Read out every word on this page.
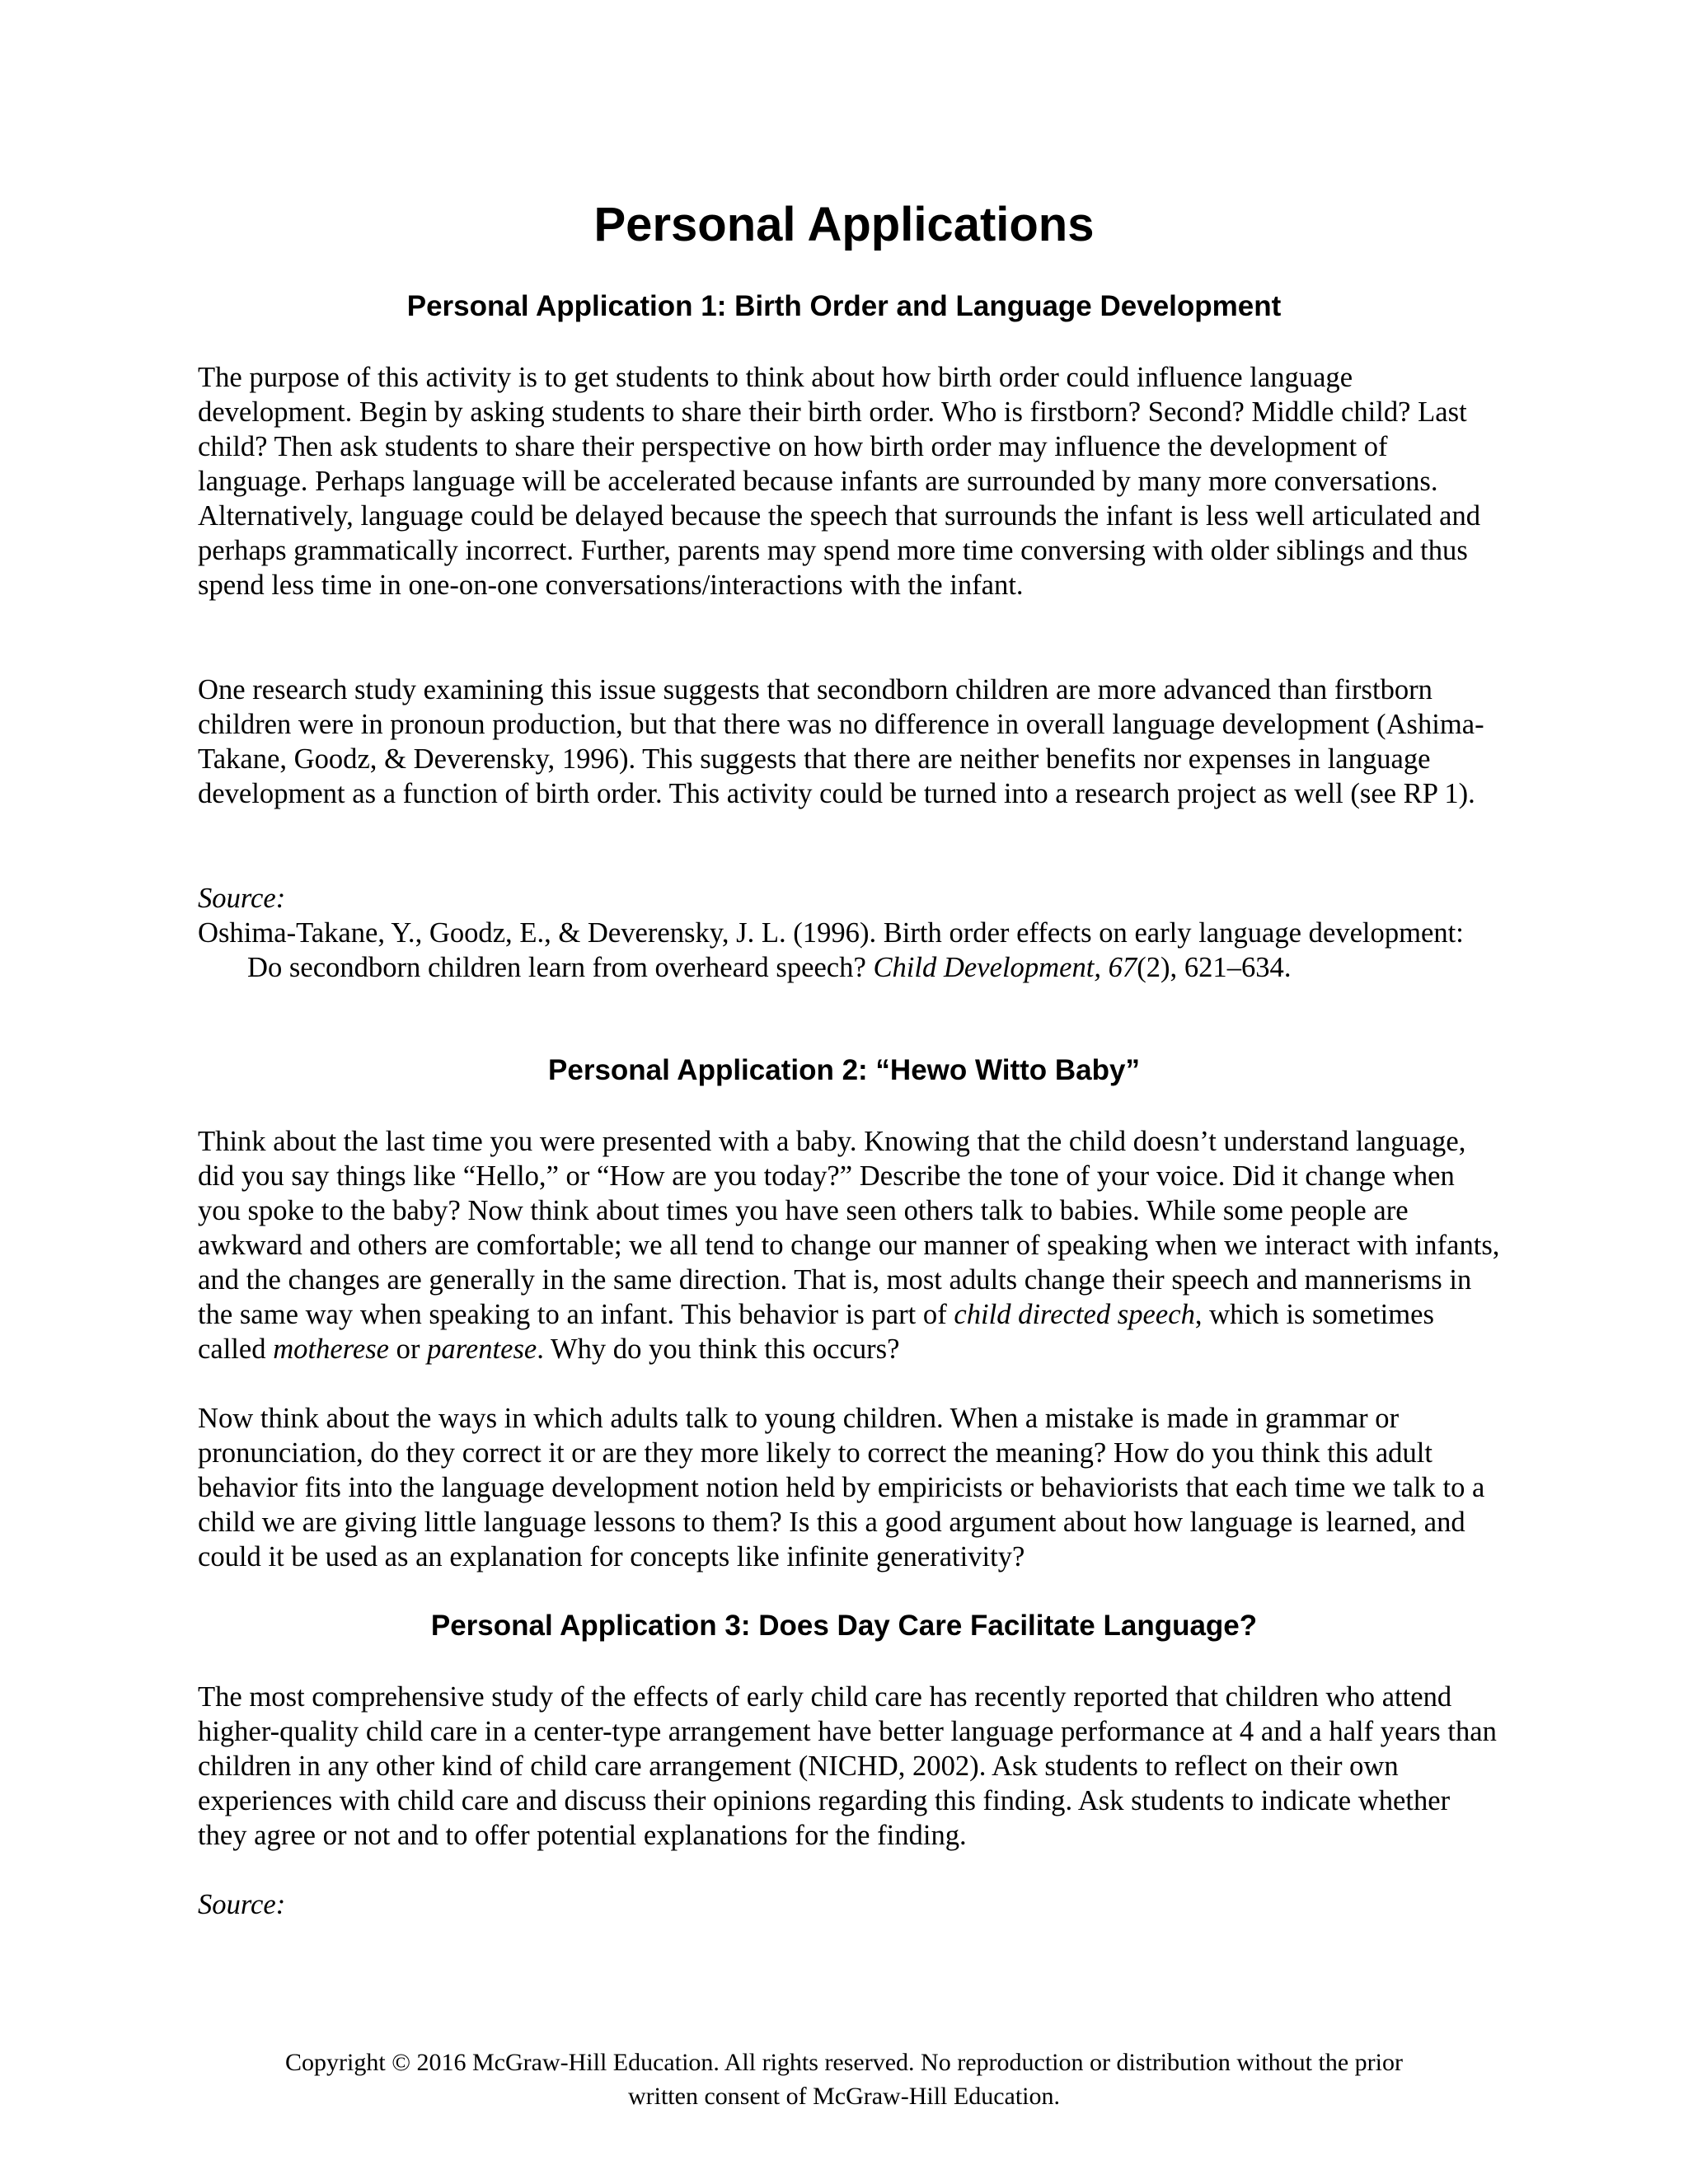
Personal Applications
Personal Application 1: Birth Order and Language Development

The purpose of this activity is to get students to think about how birth order could influence language development. Begin by asking students to share their birth order. Who is firstborn? Second? Middle child? Last child? Then ask students to share their perspective on how birth order may influence the development of language. Perhaps language will be accelerated because infants are surrounded by many more conversations. Alternatively, language could be delayed because the speech that surrounds the infant is less well articulated and perhaps grammatically incorrect. Further, parents may spend more time conversing with older siblings and thus spend less time in one-on-one conversations/interactions with the infant.

One research study examining this issue suggests that secondborn children are more advanced than firstborn children were in pronoun production, but that there was no difference in overall language development (Ashima-Takane, Goodz, & Deverensky, 1996). This suggests that there are neither benefits nor expenses in language development as a function of birth order. This activity could be turned into a research project as well (see RP 1).

Source:

Oshima-Takane, Y., Goodz, E., & Deverensky, J. L. (1996). Birth order effects on early language development: Do secondborn children learn from overheard speech? Child Development, 67(2), 621–634.

Personal Application 2: “Hewo Witto Baby”

Think about the last time you were presented with a baby. Knowing that the child doesn’t understand language, did you say things like “Hello,” or “How are you today?” Describe the tone of your voice. Did it change when you spoke to the baby? Now think about times you have seen others talk to babies. While some people are awkward and others are comfortable; we all tend to change our manner of speaking when we interact with infants, and the changes are generally in the same direction. That is, most adults change their speech and mannerisms in the same way when speaking to an infant. This behavior is part of child directed speech, which is sometimes called motherese or parentese. Why do you think this occurs?

Now think about the ways in which adults talk to young children. When a mistake is made in grammar or pronunciation, do they correct it or are they more likely to correct the meaning? How do you think this adult behavior fits into the language development notion held by empiricists or behaviorists that each time we talk to a child we are giving little language lessons to them? Is this a good argument about how language is learned, and could it be used as an explanation for concepts like infinite generativity?

Personal Application 3: Does Day Care Facilitate Language?

The most comprehensive study of the effects of early child care has recently reported that children who attend higher-quality child care in a center-type arrangement have better language performance at 4 and a half years than children in any other kind of child care arrangement (NICHD, 2002). Ask students to reflect on their own experiences with child care and discuss their opinions regarding this finding. Ask students to indicate whether they agree or not and to offer potential explanations for the finding.

Source:

Copyright © 2016 McGraw-Hill Education. All rights reserved. No reproduction or distribution without the prior
written consent of McGraw-Hill Education.
